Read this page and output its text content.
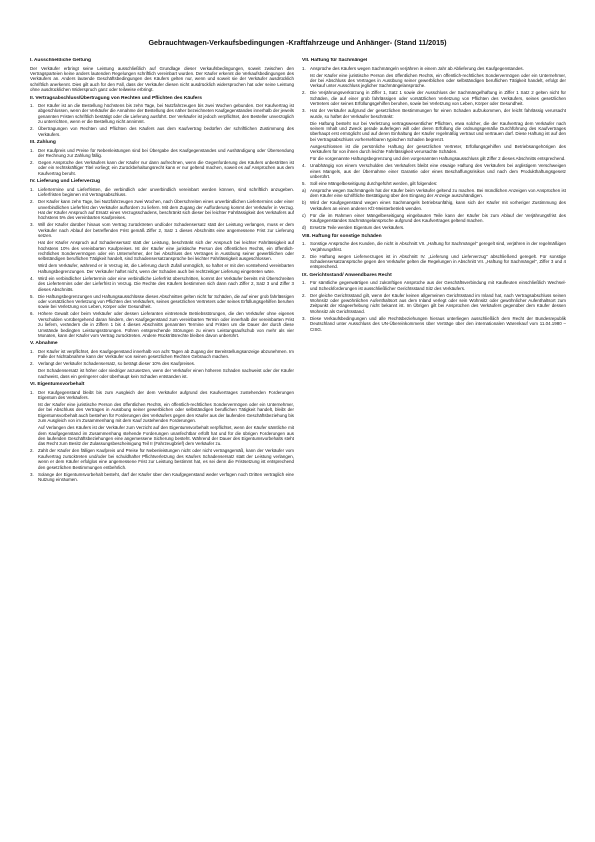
Gebrauchtwagen-Verkaufsbedingungen -Kraftfahrzeuge und Anhänger- (Stand 11/2015)
I. Ausschließliche Geltung

Der Verkäufer erbringt seine Leistung ausschließlich auf Grundlage dieser Verkaufsbedingungen, soweit zwischen den Vertragsparteien keine anders lautenden Regelungen schriftlich vereinbart wurden. Der Käufer erkennt die Verkaufsbedingungen des Verkäufers an. Anders lautende Geschäftsbedingungen des Käufers gelten nur, wenn und soweit sie der Verkäufer ausdrücklich schriftlich anerkennt. Dies gilt auch für den Fall, dass der Verkäufer diesen nicht ausdrücklich widersprochen hat oder seine Leistung ohne ausdrücklichen Widerspruch ganz oder teilweise erbringt.

II. Vertragsabschluss/Übertragung von Rechten und Pflichten des Käufers
1. Der Käufer ist an die Bestellung höchstens bis zehn Tage, bei Nutzfahrzeugen bis zwei Wochen gebunden. Der Kaufvertrag ist abgeschlossen, wenn der Verkäufer die Annahme der Bestellung des näher bezeichneten Kaufgegenstandes innerhalb der jeweils genannten Fristen schriftlich bestätigt oder die Lieferung ausführt. Der Verkäufer ist jedoch verpflichtet, den Besteller unverzüglich zu unterrichten, wenn er die Bestellung nicht annimmt.
2. Übertragungen von Rechten und Pflichten des Käufers aus dem Kaufvertrag bedürfen der schriftlichen Zustimmung des Verkäufers.
III. Zahlung
1. Der Kaufpreis und Preise für Nebenleistungen sind bei Übergabe des Kaufgegenstandes und Aushändigung oder Übersendung der Rechnung zur Zahlung fällig.
2. Gegen Ansprüche des Verkäufers kann der Käufer nur dann aufrechnen, wenn die Gegenforderung des Käufers unbestritten ist oder ein rechtskräftiger Titel vorliegt; ein Zurückbehaltungsrecht kann er nur geltend machen, soweit es auf Ansprüchen aus dem Kaufvertrag beruht.
IV. Lieferung und Lieferverzug
1. Liefertermine und Lieferfristen, die verbindlich oder unverbindlich vereinbart werden können, sind schriftlich anzugeben. Lieferfristen beginnen mit Vertragsabschluss.
2. Der Käufer kann zehn Tage, bei Nutzfahrzeugen zwei Wochen, nach Überschreiten eines unverbindlichen Liefertermins oder einer unverbindlichen Lieferfrist den Verkäufer auffordern zu liefern. Mit dem Zugang der Aufforderung kommt der Verkäufer in Verzug. Hat der Käufer Anspruch auf Ersatz eines Verzugsschadens, beschränkt sich dieser bei leichter Fahrlässigkeit des Verkäufers auf höchstens 5% des vereinbarten Kaufpreises.
3. Will der Käufer darüber hinaus vom Vertrag zurücktreten und/oder Schadensersatz statt der Leistung verlangen, muss er dem Verkäufer nach Ablauf der betreffenden Frist gemäß Ziffer 2, Satz 1 dieses Abschnitts eine angemessene Frist zur Lieferung setzen.

Hat der Käufer Anspruch auf Schadensersatz statt der Leistung, beschränkt sich der Anspruch bei leichter Fahrlässigkeit auf höchstens 10% des vereinbarten Kaufpreises. Ist der Käufer eine juristische Person des öffentlichen Rechts, ein öffentlich-rechtliches Sondervermögen oder ein Unternehmer, der bei Abschluss des Vertrages in Ausübung seiner gewerblichen oder selbständigen beruflichen Tätigkeit handelt, sind Schadensersatzansprüche bei leichter Fahrlässigkeit ausgeschlossen.

Wird dem Verkäufer, während er in Verzug ist, die Lieferung durch Zufall unmöglich, so haftet er mit den vorstehend vereinbarten Haftungsbegrenzungen. Der Verkäufer haftet nicht, wenn der Schaden auch bei rechtzeitiger Lieferung eingetreten wäre.

4. Wird ein verbindlicher Liefertermin oder eine verbindliche Lieferfrist überschritten, kommt der Verkäufer bereits mit Überschreiten des Liefertermins oder der Lieferfrist in Verzug. Die Rechte des Käufers bestimmen sich dann nach Ziffer 2, Satz 3 und Ziffer 3 dieses Abschnitts.
5. Die Haftungsbegrenzungen und Haftungsausschlüsse dieses Abschnittes gelten nicht für Schäden, die auf einer grob fahrlässigen oder vorsätzlichen Verletzung von Pflichten des Verkäufers, seines gesetzlichen Vertreters oder seines Erfüllungsgehilfen beruhen sowie bei Verletzung von Leben, Körper oder Gesundheit.
6. Höhere Gewalt oder beim Verkäufer oder dessen Lieferanten eintretende Betriebsstörungen, die den Verkäufer ohne eigenes Verschulden vorübergehend daran hindern, den Kaufgegenstand zum vereinbarten Termin oder innerhalb der vereinbarten Frist zu liefern, verändern die in Ziffern 1 bis 4 dieses Abschnitts genannten Termine und Fristen um die Dauer der durch diese Umstände bedingten Leistungsstörungen. Führen entsprechende Störungen zu einem Leistungsaufschub von mehr als vier Monaten, kann der Käufer vom Vertrag zurücktreten. Andere Rücktrittsrechte bleiben davon unberührt.
V. Abnahme
1. Der Käufer ist verpflichtet, den Kaufgegenstand innerhalb von acht Tagen ab Zugang der Bereitstellungsanzeige abzunehmen. Im Falle der Nichtabnahme kann der Verkäufer von seinen gesetzlichen Rechten Gebrauch machen.
2. Verlangt der Verkäufer Schadensersatz, so beträgt dieser 10% des Kaufpreises.

Der Schadensersatz ist höher oder niedriger anzusetzen, wenn der Verkäufer einen höheren Schaden nachweist oder der Käufer nachweist, dass ein geringerer oder überhaupt kein Schaden entstanden ist.

VI. Eigentumsvorbehalt
1. Der Kaufgegenstand bleibt bis zum Ausgleich der dem Verkäufer aufgrund des Kaufvertrages zustehenden Forderungen Eigentum des Verkäufers.

Ist der Käufer eine juristische Person des öffentlichen Rechts, ein öffentlich-rechtliches Sondervermögen oder ein Unternehmer, der bei Abschluss des Vertrages in Ausübung seiner gewerblichen oder selbständigen beruflichen Tätigkeit handelt, bleibt der Eigentumsvorbehalt auch bestehen für Forderungen des Verkäufers gegen den Käufer aus der laufenden Geschäftsbeziehung bis zum Ausgleich von im Zusammenhang mit dem Kauf zustehenden Forderungen.

Auf Verlangen des Käufers ist der Verkäufer zum Verzicht auf den Eigentumsvorbehalt verpflichtet, wenn der Käufer sämtliche mit dem Kaufgegenstand im Zusammenhang stehende Forderungen unanfechtbar erfüllt hat und für die übrigen Forderungen aus den laufenden Geschäftsbeziehungen eine angemessene Sicherung besteht. Während der Dauer des Eigentumsvorbehalts steht das Recht zum Besitz der Zulassungsbescheinigung Teil II (Fahrzeugbrief) dem Verkäufer zu.

2. Zahlt der Käufer den fälligen Kaufpreis und Preise für Nebenleistungen nicht oder nicht vertragsgemäß, kann der Verkäufer vom Kaufvertrag zurücktreten und/oder bei schuldhafter Pflichtverletzung des Käufers Schadensersatz statt der Leistung verlangen, wenn er dem Käufer erfolglos eine angemessene Frist zur Leistung bestimmt hat, es sei denn die Fristsetzung ist entsprechend den gesetzlichen Bestimmungen entbehrlich.
3. Solange der Eigentumsvorbehalt besteht, darf der Käufer über den Kaufgegenstand weder verfügen noch Dritten vertraglich eine Nutzung einräumen.
VII. Haftung für Sachmängel
1. Ansprüche des Käufers wegen Sachmängeln verjähren in einem Jahr ab Ablieferung des Kaufgegenstandes.

Ist der Käufer eine juristische Person des öffentlichen Rechts, ein öffentlich-rechtliches Sondervermögen oder ein Unternehmer, der bei Abschluss des Vertrages in Ausübung seiner gewerblichen oder selbständigen beruflichen Tätigkeit handelt, erfolgt der Verkauf unter Ausschluss jeglicher Sachmängelansprüche.

2. Die Verjährungsverkürzung in Ziffer 1, Satz 1 sowie der Ausschluss der Sachmängelhaftung in Ziffer 1 Satz 2 gelten nicht für Schäden, die auf einer grob fahrlässigen oder vorsätzlichen Verletzung von Pflichten des Verkäufers, seines gesetzlichen Vertreters oder seines Erfüllungsgehilfen beruhen, sowie bei Verletzung von Leben, Körper oder Gesundheit.
3. Hat der Verkäufer aufgrund der gesetzlichen Bestimmungen für einen Schaden aufzukommen, der leicht fahrlässig verursacht wurde, so haftet der Verkäufer beschränkt:

Die Haftung besteht nur bei Verletzung vertragswesentlicher Pflichten, etwa solcher, die der Kaufvertrag dem Verkäufer nach seinem Inhalt und Zweck gerade auferlegen will oder deren Erfüllung die ordnungsgemäße Durchführung des Kaufvertrages überhaupt erst ermöglicht und auf deren Einhaltung der Käufer regelmäßig vertraut und vertrauen darf. Diese Haftung ist auf den bei Vertragsabschluss vorhersehbaren typischen Schaden begrenzt.

Ausgeschlossen ist die persönliche Haftung der gesetzlichen Vertreter, Erfüllungsgehilfen und Betriebsangehörigen des Verkäufers für von ihnen durch leichte Fahrlässigkeit verursachte Schäden.

Für die vorgenannte Haftungsbegrenzung und den vorgenannten Haftungsausschluss gilt Ziffer 2 dieses Abschnitts entsprechend.

4. Unabhängig von einem Verschulden des Verkäufers bleibt eine etwaige Haftung des Verkäufers bei arglistigem Verschweigen eines Mangels, aus der Übernahme einer Garantie oder eines Beschaffungsrisikos und nach dem Produkthaftungsgesetz unberührt.
5. Soll eine Mängelbeseitigung durchgeführt werden, gilt folgendes:
a) Ansprüche wegen Sachmängeln hat der Käufer beim Verkäufer geltend zu machen. Bei mündlichen Anzeigen von Ansprüchen ist dem Käufer eine schriftliche Bestätigung über den Eingang der Anzeige auszuhändigen.
b) Wird der Kaufgegenstand wegen eines Sachmangels betriebsunfähig, kann sich der Käufer mit vorheriger Zustimmung des Verkäufers an einen anderen Kfz-Meisterbetrieb wenden.
c) Für die im Rahmen einer Mängelbeseitigung eingebauten Teile kann der Käufer bis zum Ablauf der Verjährungsfrist des Kaufgegenstandes Sachmängelansprüche aufgrund des Kaufvertrages geltend machen.
d) Ersetzte Teile werden Eigentum des Verkäufers.
VIII. Haftung für sonstige Schäden
1. Sonstige Ansprüche des Kunden, die nicht in Abschnitt VII. „Haftung für Sachmängel" geregelt sind, verjähren in der regelmäßigen Verjährungsfrist.
2. Die Haftung wegen Lieferverzuges ist in Abschnitt IV. „Lieferung und Lieferverzug" abschließend geregelt. Für sonstige Schadensersatzansprüche gegen den Verkäufer gelten die Regelungen in Abschnitt VII. „Haftung für Sachmängel", Ziffer 3 und 4 entsprechend.
IX. Gerichtsstand/ Anwendbares Recht
1. Für sämtliche gegenwärtigen und zukünftigen Ansprüche aus der Geschäftsverbindung mit Kaufleuten einschließlich Wechsel- und Scheckforderungen ist ausschließlicher Gerichtsstand Sitz des Verkäufers.
2. Der gleiche Gerichtsstand gilt, wenn der Käufer keinen allgemeinen Gerichtsstand im Inland hat, nach Vertragsabschluss seinen Wohnsitz oder gewöhnlichen Aufenthaltsort aus dem Inland verlegt oder sein Wohnsitz oder gewöhnlicher Aufenthaltsort zum Zeitpunkt der Klageerhebung nicht bekannt ist. Im Übrigen gilt bei Ansprüchen des Verkäufers gegenüber dem Käufer dessen Wohnsitz als Gerichtsstand.
3. Diese Verkaufsbedingungen und alle Rechtsbeziehungen hieraus unterliegen ausschließlich dem Recht der Bundesrepublik Deutschland unter Ausschluss des UN-Übereinkommens über Verträge über den internationalen Warenkauf vom 11.04.1980 – CISG.
